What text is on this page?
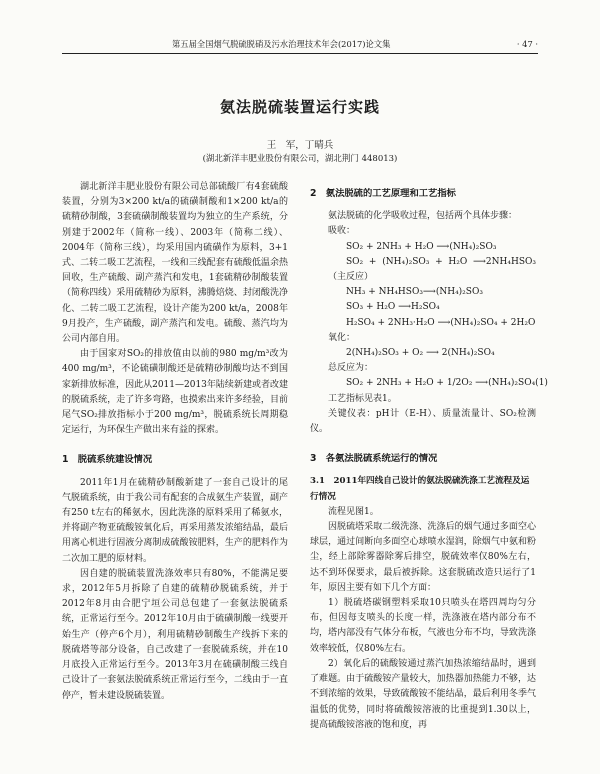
第五届全国烟气脱硫脱硝及污水治理技术年会(2017)论文集	· 47 ·
氨法脱硫装置运行实践
王　军，丁晴兵
(湖北新洋丰肥业股份有限公司，湖北荆门 448013)

湖北新洋丰肥业股份有限公司总部硫酸厂有4套硫酸装置，分别为3×200 kt/a的硫磺制酸和1×200 kt/a的硫精砂制酸，3套硫磺制酸装置均为独立的生产系统，分别建于2002年（简称一线）、2003年（简称二线）、2004年（简称三线），均采用国内硫磺作为原料，3+1式、二转二吸工艺流程，一线和三线配套有硫酸低温余热回收，生产硫酸、副产蒸汽和发电，1套硫精砂制酸装置（简称四线）采用硫精砂为原料，沸腾焙烧、封闭酸洗净化、二转二吸工艺流程，设计产能为200 kt/a，2008年9月投产，生产硫酸，副产蒸汽和发电。硫酸、蒸汽均为公司内部自用。

由于国家对SO₂的排放值由以前的980 mg/m³改为400 mg/m³，不论硫磺制酸还是硫精砂制酸均达不到国家新排放标准，因此从2011—2013年陆续新建或者改建的脱硫系统，走了许多弯路，也摸索出来许多经验，目前尾气SO₂排放指标小于200 mg/m³，脱硫系统长周期稳定运行，为环保生产做出来有益的探索。

1　脱硫系统建设情况

2011年1月在硫精砂制酸新建了一套自己设计的尾气脱硫系统，由于我公司有配套的合成氨生产装置，副产有250 t左右的稀氨水，因此洗涤的原料采用了稀氨水，并将副产物亚硫酸铵氧化后，再采用蒸发浓缩结晶，最后用离心机进行固液分离制成硫酸铵肥料，生产的肥料作为二次加工肥的原材料。

因自建的脱硫装置洗涤效率只有80%，不能满足要求，2012年5月拆除了自建的硫精砂脱硫系统，并于2012年8月由合肥宁垣公司总包建了一套氨法脱硫系统，正常运行至今。2012年10月由于硫磺制酸一线要开始生产（停产6个月），利用硫精砂制酸生产线拆下来的脱硫塔等部分设备，自己改建了一套脱硫系统，并在10月底投入正常运行至今。2013年3月在硫磺制酸三线自己设计了一套氨法脱硫系统正常运行至今，二线由于一直停产，暂未建设脱硫装置。

2　氨法脱硫的工艺原理和工艺指标

氨法脱硫的化学吸收过程，包括两个具体步骤：

吸收：

SO₂ + 2NH₃ + H₂O ⟶(NH₄)₂SO₃

SO₂ + (NH₄)₂SO₃ + H₂O ⟶2NH₄HSO₃（主反应）

NH₃ + NH₄HSO₃⟶(NH₄)₂SO₃

SO₃ + H₂O ⟶H₂SO₄

H₂SO₄ + 2NH₃·H₂O ⟶(NH₄)₂SO₄ + 2H₂O

氧化：

2(NH₄)₂SO₃ + O₂ ⟶ 2(NH₄)₂SO₄

总反应为：

SO₂ + 2NH₃ + H₂O + 1/2O₂ ⟶(NH₄)₂SO₄(1)

工艺指标见表1。

关键仪表：pH计（E-H）、质量流量计、SO₂检测仪。

3　各氨法脱硫系统运行的情况
3.1　2011年四线自己设计的氨法脱硫洗涤工艺流程及运行情况

流程见图1。

因脱硫塔采取二级洗涤、洗涤后的烟气通过多面空心球层，通过间断向多面空心球喷水湿润，除烟气中氨和粉尘，经上部除雾器除雾后排空，脱硫效率仅80%左右，达不到环保要求，最后被拆除。这套脱硫改造只运行了1年，原因主要有如下几个方面：

1）脱硫塔碳钢塑料采取10只喷头在塔四周均匀分布，但因每支喷头的长度一样，洗涤液在塔内部分布不均，塔内部没有气体分布板，气液也分布不均，导致洗涤效率较低，仅80%左右。

2）氧化后的硫酸铵通过蒸汽加热浓缩结晶时，遇到了难题。由于硫酸铵产量较大，加热器加热能力不够，达不到浓缩的效果，导致硫酸铵不能结晶，最后利用冬季气温低的优势，同时将硫酸铵溶液的比重提到1.30以上，提高硫酸铵溶液的饱和度，再
